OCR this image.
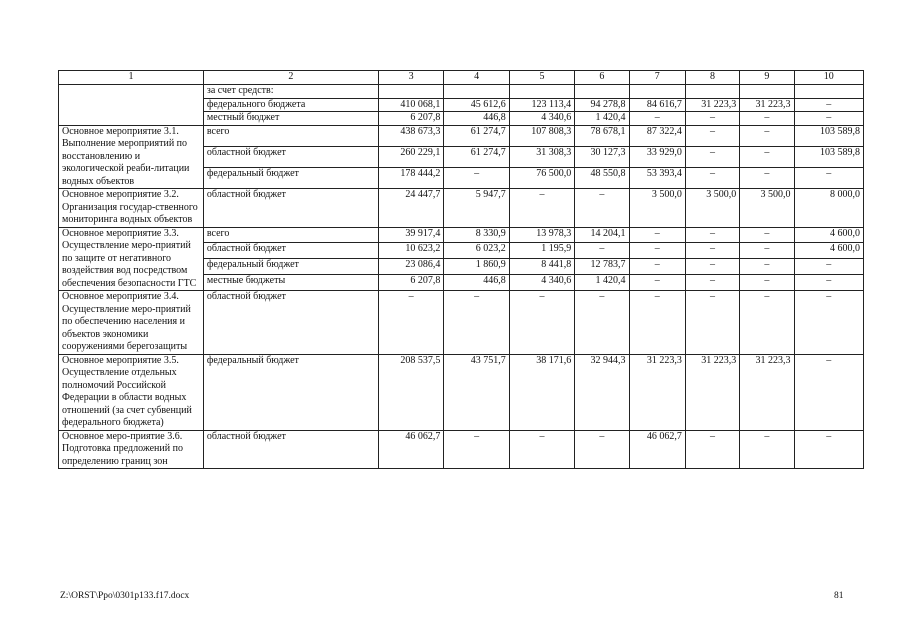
1	2	3	4	5	6	7	8	9	10
	за счет средств:								
	федерального бюджета	410 068,1	45 612,6	123 113,4	94 278,8	84 616,7	31 223,3	31 223,3	–
	местный бюджет	6 207,8	446,8	4 340,6	1 420,4	–	–	–	–
Основное мероприятие 3.1. Выполнение мероприятий по восстановлению и экологической реаби-литации водных объектов	всего	438 673,3	61 274,7	107 808,3	78 678,1	87 322,4	–	–	103 589,8
	областной бюджет	260 229,1	61 274,7	31 308,3	30 127,3	33 929,0	–	–	103 589,8
	федеральный бюджет	178 444,2	–	76 500,0	48 550,8	53 393,4	–	–	–
Основное мероприятие 3.2. Организация государ-ственного мониторинга водных объектов	областной бюджет	24 447,7	5 947,7	–	–	3 500,0	3 500,0	3 500,0	8 000,0
Основное мероприятие 3.3. Осуществление меро-приятий по защите от негативного воздействия вод посредством обеспечения безопасности ГТС	всего	39 917,4	8 330,9	13 978,3	14 204,1	–	–	–	4 600,0
	областной бюджет	10 623,2	6 023,2	1 195,9	–	–	–	–	4 600,0
	федеральный бюджет	23 086,4	1 860,9	8 441,8	12 783,7	–	–	–	–
	местные бюджеты	6 207,8	446,8	4 340,6	1 420,4	–	–	–	–
Основное мероприятие 3.4. Осуществление меро-приятий по обеспечению населения и объектов экономики сооружениями берегозащиты	областной бюджет	–	–	–	–	–	–	–	–
Основное мероприятие 3.5. Осуществление отдельных полномочий Российской Федерации в области водных отношений (за счет субвенций федерального бюджета)	федеральный бюджет	208 537,5	43 751,7	38 171,6	32 944,3	31 223,3	31 223,3	31 223,3	–
Основное меро-приятие 3.6. Подготовка предложений по определению границ зон	областной бюджет	46 062,7	–	–	–	46 062,7	–	–	–
Z:\ORST\Ppo\0301p133.f17.docx	81
